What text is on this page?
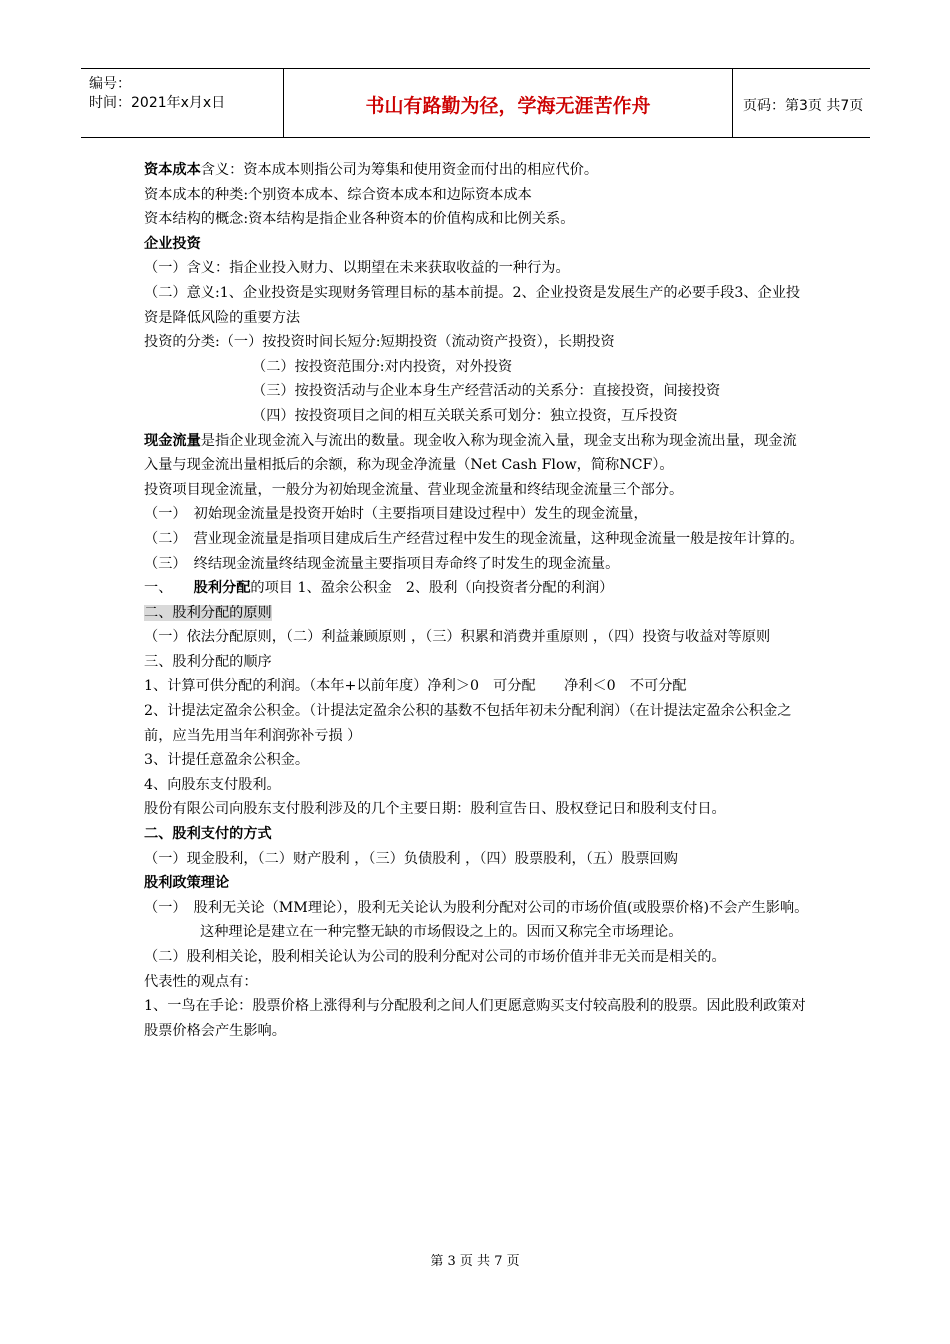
编号：
时间：2021年x月x日	书山有路勤为径，学海无涯苦作舟	页码：第3页 共7页

资本成本含义：资本成本则指公司为筹集和使用资金而付出的相应代价。

资本成本的种类:个别资本成本、综合资本成本和边际资本成本

资本结构的概念:资本结构是指企业各种资本的价值构成和比例关系。

企业投资

（一）含义：指企业投入财力、以期望在未来获取收益的一种行为。

（二）意义:1、企业投资是实现财务管理目标的基本前提。2、企业投资是发展生产的必要手段3、企业投资是降低风险的重要方法

投资的分类:（一）按投资时间长短分:短期投资（流动资产投资），长期投资

（二）按投资范围分:对内投资，对外投资

（三）按投资活动与企业本身生产经营活动的关系分：直接投资，间接投资

（四）按投资项目之间的相互关联关系可划分：独立投资，互斥投资

现金流量是指企业现金流入与流出的数量。现金收入称为现金流入量，现金支出称为现金流出量，现金流入量与现金流出量相抵后的余额，称为现金净流量（Net Cash Flow，简称NCF）。

投资项目现金流量，一般分为初始现金流量、营业现金流量和终结现金流量三个部分。

（一）　初始现金流量是投资开始时（主要指项目建设过程中）发生的现金流量，

（二）　营业现金流量是指项目建成后生产经营过程中发生的现金流量，这种现金流量一般是按年计算的。

（三）　终结现金流量终结现金流量主要指项目寿命终了时发生的现金流量。

一、　　股利分配的项目 1、盈余公积金　2、股利（向投资者分配的利润）

二、股利分配的原则

（一）依法分配原则，（二）利益兼顾原则 ，（三）积累和消费并重原则 ，（四）投资与收益对等原则

三、股利分配的顺序

1、计算可供分配的利润。（本年+以前年度）净利＞0　可分配　　净利＜0　不可分配

2、计提法定盈余公积金。（计提法定盈余公积的基数不包括年初未分配利润）（在计提法定盈余公积金之前，应当先用当年利润弥补亏损 ）

3、计提任意盈余公积金。

4、向股东支付股利。

股份有限公司向股东支付股利涉及的几个主要日期：股利宣告日、股权登记日和股利支付日。

二、股利支付的方式

（一）现金股利，（二）财产股利 ，（三）负债股利 ，（四）股票股利，（五）股票回购

股利政策理论

（一）　股利无关论（MM理论），股利无关论认为股利分配对公司的市场价值(或股票价格)不会产生影响。这种理论是建立在一种完整无缺的市场假设之上的。因而又称完全市场理论。

（二）股利相关论，股利相关论认为公司的股利分配对公司的市场价值并非无关而是相关的。

代表性的观点有：

1、一鸟在手论：股票价格上涨得利与分配股利之间人们更愿意购买支付较高股利的股票。因此股利政策对股票价格会产生影响。

第 3 页 共 7 页
